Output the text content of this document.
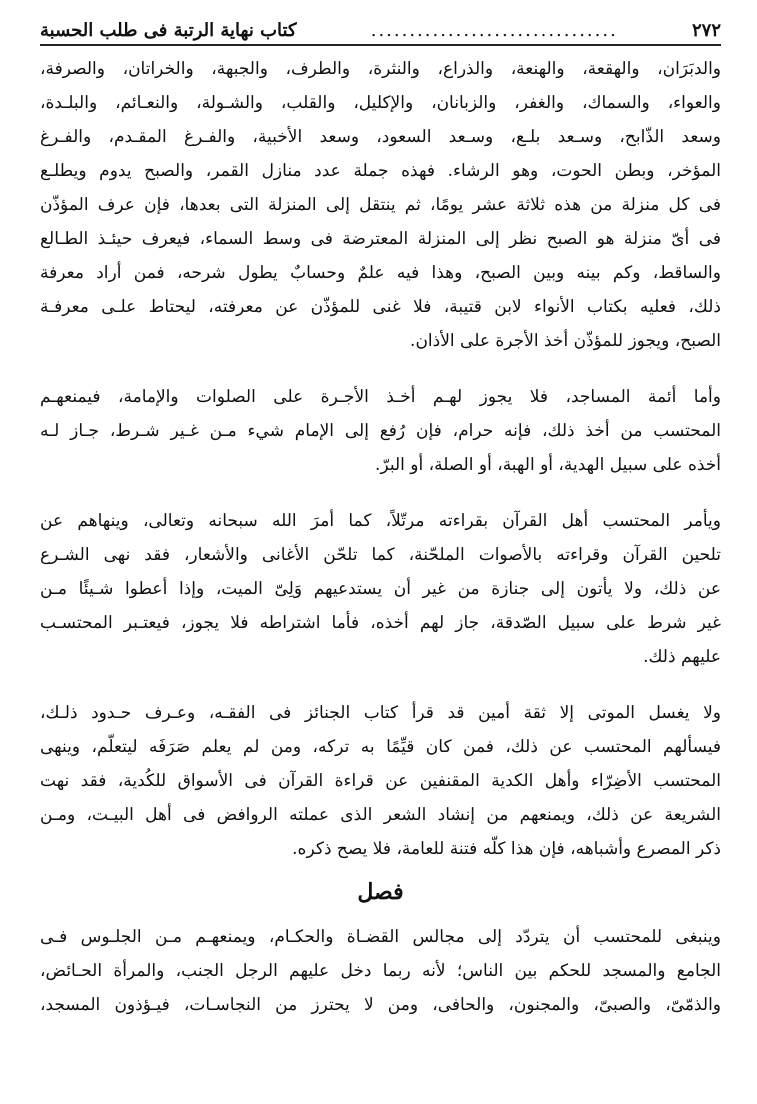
٢٧٢
................................
كتاب نهاية الرتبة فى طلب الحسبة
والدبَرَان، والهقعة، والهنعة، والذراع، والنثرة، والطرف، والجبهة، والخراتان، والصرفة،
والعواء، والسماك، والغفر، والزبانان، والإكليل، والقلب، والشـولة، والنعـائم، والبلـدة،
وسعد الذّابح، وسـعد بلـع، وسـعد السعود، وسعد الأخبية، والفـرغ المقـدم، والفـرغ
المؤخر، وبطن الحوت، وهو الرشاء. فهذه جملة عدد منازل القمر، والصبح يدوم ويطلـع
فى كل منزلة من هذه ثلاثة عشر يومًا، ثم ينتقل إلى المنزلة التى بعدها، فإن عرف المؤذّن
فى أىّ منزلة هو الصبح نظر إلى المنزلة المعترضة فى وسط السماء، فيعرف حيئـذ الطـالع
والساقط، وكم بينه وبين الصبح، وهذا فيه علمٌ وحسابٌ يطول شرحه، فمن أراد معرفة
ذلك، فعليه بكتاب الأنواء لابن قتيبة، فلا غنى للمؤذّن عن معرفته، ليحتاط علـى معرفـة
الصبح، ويجوز للمؤذّن أخذ الأجرة على الأذان.
وأما أئمة المساجد، فلا يجوز لهـم أخـذ الأجـرة على الصلوات والإمامة، فيمنعهـم
المحتسب من أخذ ذلك، فإنه حرام، فإن رُفع إلى الإمام شيء مـن غـير شـرط، جـاز لـه
أخذه على سبيل الهدية، أو الهبة، أو الصلة، أو البرّ.
ويأمر المحتسب أهل القرآن بقراءته مرتّلاً، كما أمرَ الله سبحانه وتعالى، وينهاهم عن
تلحين القرآن وقراءته بالأصوات الملحّنة، كما تلحّن الأغانى والأشعار، فقد نهى الشـرع
عن ذلك، ولا يأتون إلى جنازة من غير أن يستدعيهم وَلِىّ الميت، وإذا أعطوا شـيئًا مـن
غير شرط على سبيل الصّدقة، جاز لهم أخذه، فأما اشتراطه فلا يجوز، فيعتـبر المحتسـب
عليهم ذلك.
ولا يغسل الموتى إلا ثقة أمين قد قرأ كتاب الجنائز فى الفقـه، وعـرف حـدود ذلـك،
فيسألهم المحتسب عن ذلك، فمن كان قيِّمًا به تركه، ومن لم يعلم صَرَفَه ليتعلّم، وينهى
المحتسب الأضِرّاء وأهل الكدية المقنفين عن قراءة القرآن فى الأسواق للكُدية، فقد نهت
الشريعة عن ذلك، ويمنعهم من إنشاد الشعر الذى عملته الروافض فى أهل البيـت، ومـن
ذكر المصرع وأشباهه، فإن هذا كلّه فتنة للعامة، فلا يصح ذكره.
فصل
وينبغى للمحتسب أن يتردّد إلى مجالس القضـاة والحكـام، ويمنعهـم مـن الجلـوس فـى
الجامع والمسجد للحكم بين الناس؛ لأنه ربما دخل عليهم الرجل الجنب، والمرأة الحـائض،
والذمّىّ، والصبىّ، والمجنون، والحافى، ومن لا يحترز من النجاسـات، فيـؤذون المسجد،
